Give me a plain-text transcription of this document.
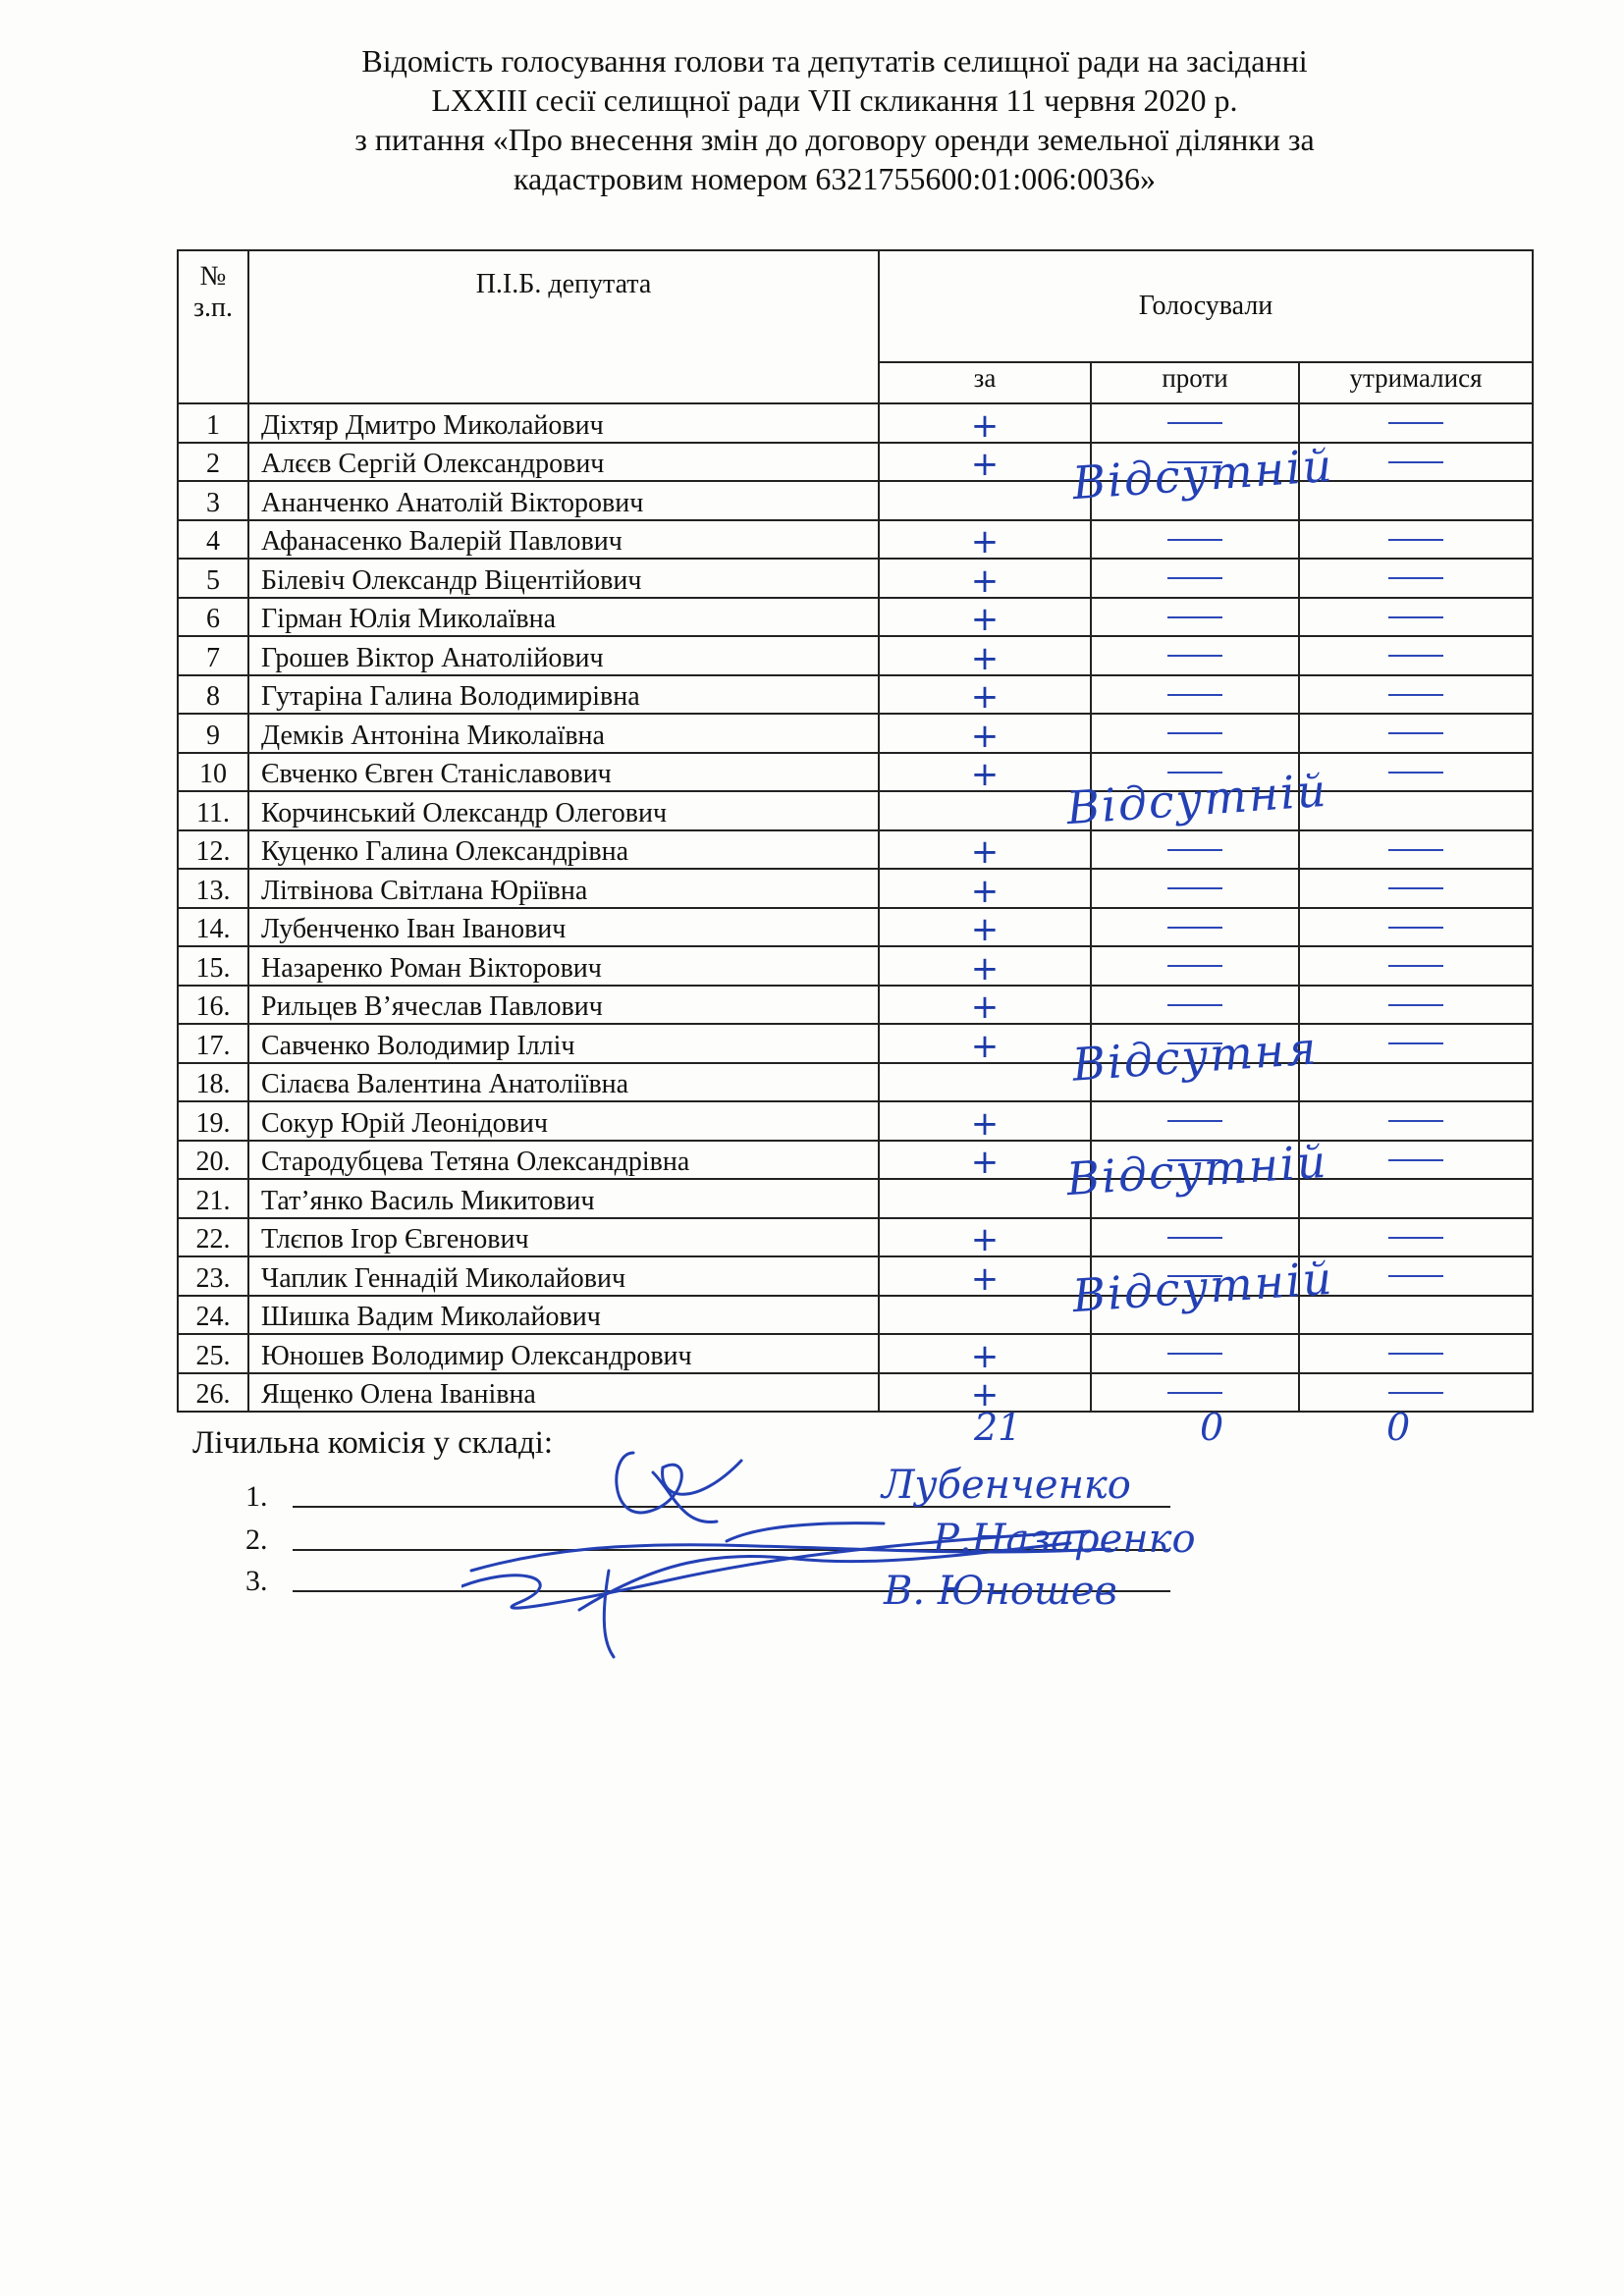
Відомість голосування голови та депутатів селищної ради на засіданні
LXXIII сесії селищної ради VII скликання 11 червня 2020 р.
з питання «Про внесення змін до договору оренди земельної ділянки за
кадастровим номером 6321755600:01:006:0036»
№
з.п.	П.І.Б. депутата	Голосували		
		за	проти	утрималися
1	Діхтяр Дмитро Миколайович	+		
2	Алєєв Сергій Олександрович	+		
3	Ананченко Анатолій Вікторович			
4	Афанасенко Валерій Павлович	+		
5	Білевіч Олександр Віцентійович	+		
6	Гірман Юлія Миколаївна	+		
7	Грошев Віктор Анатолійович	+		
8	Гутаріна Галина Володимирівна	+		
9	Демків Антоніна Миколаївна	+		
10	Євченко Євген Станіславович	+		
11.	Корчинський Олександр Олегович			
12.	Куценко Галина Олександрівна	+		
13.	Літвінова Світлана Юріївна	+		
14.	Лубенченко Іван Іванович	+		
15.	Назаренко Роман Вікторович	+		
16.	Рильцев В’ячеслав Павлович	+		
17.	Савченко Володимир Ілліч	+		
18.	Сілаєва Валентина Анатоліївна			
19.	Сокур Юрій Леонідович	+		
20.	Стародубцева Тетяна Олександрівна	+		
21.	Тат’янко Василь Микитович			
22.	Тлєпов Ігор Євгенович	+		
23.	Чаплик Геннадій Миколайович	+		
24.	Шишка Вадим Миколайович			
25.	Юношев Володимир Олександрович	+		
26.	Ященко Олена Іванівна	+		
Відсутній
Відсутній
Відсутня
Відсутній
Відсутній
21	0	0
Лічильна комісія у складі:
1.
2.
3.
Лубенченко
Р.Назаренко
В. Юношев
